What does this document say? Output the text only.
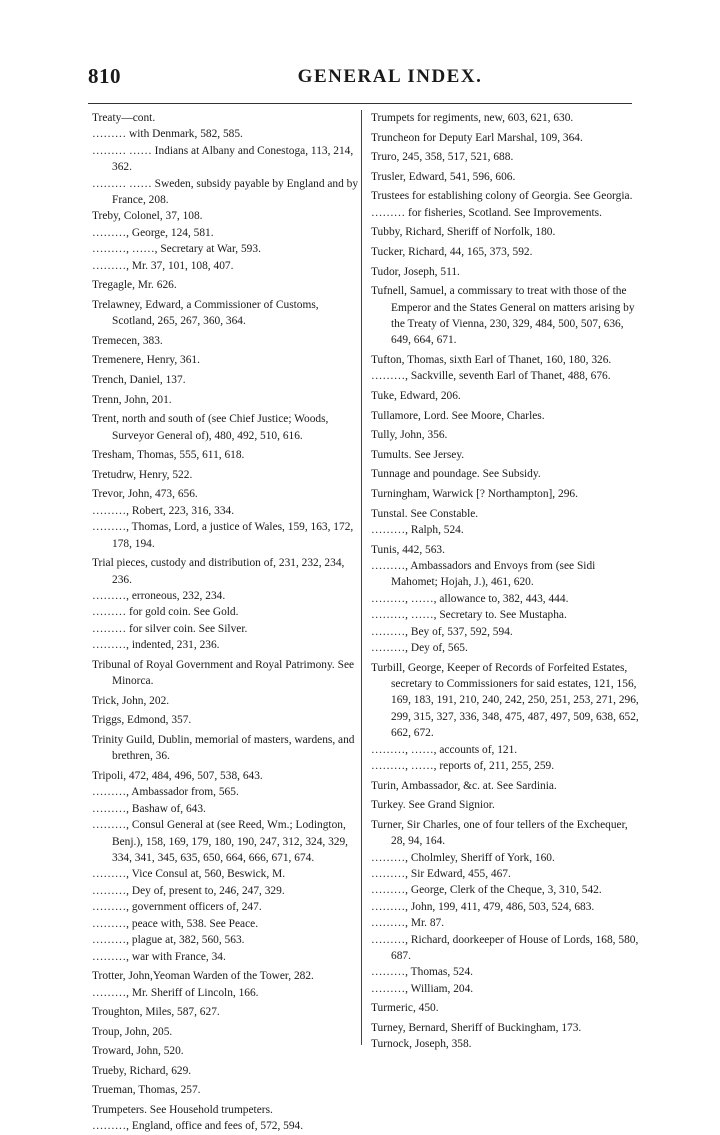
810	GENERAL INDEX.

Treaty—cont.

……… with Denmark, 582, 585.

……… …… Indians at Albany and Conestoga, 113, 214, 362.

……… …… Sweden, subsidy payable by England and by France, 208.

Treby, Colonel, 37, 108.

………, George, 124, 581.

………, ……, Secretary at War, 593.

………, Mr. 37, 101, 108, 407.

Tregagle, Mr. 626.

Trelawney, Edward, a Commissioner of Customs, Scotland, 265, 267, 360, 364.

Tremecen, 383.

Tremenere, Henry, 361.

Trench, Daniel, 137.

Trenn, John, 201.

Trent, north and south of (see Chief Justice; Woods, Surveyor General of), 480, 492, 510, 616.

Tresham, Thomas, 555, 611, 618.

Tretudrw, Henry, 522.

Trevor, John, 473, 656.

………, Robert, 223, 316, 334.

………, Thomas, Lord, a justice of Wales, 159, 163, 172, 178, 194.

Trial pieces, custody and distribution of, 231, 232, 234, 236.

………, erroneous, 232, 234.

……… for gold coin. See Gold.

……… for silver coin. See Silver.

………, indented, 231, 236.

Tribunal of Royal Government and Royal Patrimony. See Minorca.

Trick, John, 202.

Triggs, Edmond, 357.

Trinity Guild, Dublin, memorial of masters, wardens, and brethren, 36.

Tripoli, 472, 484, 496, 507, 538, 643.

………, Ambassador from, 565.

………, Bashaw of, 643.

………, Consul General at (see Reed, Wm.; Lodington, Benj.), 158, 169, 179, 180, 190, 247, 312, 324, 329, 334, 341, 345, 635, 650, 664, 666, 671, 674.

………, Vice Consul at, 560, Beswick, M.

………, Dey of, present to, 246, 247, 329.

………, government officers of, 247.

………, peace with, 538. See Peace.

………, plague at, 382, 560, 563.

………, war with France, 34.

Trotter, John,Yeoman Warden of the Tower, 282.

………, Mr. Sheriff of Lincoln, 166.

Troughton, Miles, 587, 627.

Troup, John, 205.

Troward, John, 520.

Trueby, Richard, 629.

Trueman, Thomas, 257.

Trumpeters. See Household trumpeters.

………, England, office and fees of, 572, 594.

Trumpets for regiments, new, 603, 621, 630.

Truncheon for Deputy Earl Marshal, 109, 364.

Truro, 245, 358, 517, 521, 688.

Trusler, Edward, 541, 596, 606.

Trustees for establishing colony of Georgia. See Georgia.

……… for fisheries, Scotland. See Improvements.

Tubby, Richard, Sheriff of Norfolk, 180.

Tucker, Richard, 44, 165, 373, 592.

Tudor, Joseph, 511.

Tufnell, Samuel, a commissary to treat with those of the Emperor and the States General on matters arising by the Treaty of Vienna, 230, 329, 484, 500, 507, 636, 649, 664, 671.

Tufton, Thomas, sixth Earl of Thanet, 160, 180, 326.

………, Sackville, seventh Earl of Thanet, 488, 676.

Tuke, Edward, 206.

Tullamore, Lord. See Moore, Charles.

Tully, John, 356.

Tumults. See Jersey.

Tunnage and poundage. See Subsidy.

Turningham, Warwick [? Northampton], 296.

Tunstal. See Constable.

………, Ralph, 524.

Tunis, 442, 563.

………, Ambassadors and Envoys from (see Sidi Mahomet; Hojah, J.), 461, 620.

………, ……, allowance to, 382, 443, 444.

………, ……, Secretary to. See Mustapha.

………, Bey of, 537, 592, 594.

………, Dey of, 565.

Turbill, George, Keeper of Records of Forfeited Estates, secretary to Commissioners for said estates, 121, 156, 169, 183, 191, 210, 240, 242, 250, 251, 253, 271, 296, 299, 315, 327, 336, 348, 475, 487, 497, 509, 638, 652, 662, 672.

………, ……, accounts of, 121.

………, ……, reports of, 211, 255, 259.

Turin, Ambassador, &c. at. See Sardinia.

Turkey. See Grand Signior.

Turner, Sir Charles, one of four tellers of the Exchequer, 28, 94, 164.

………, Cholmley, Sheriff of York, 160.

………, Sir Edward, 455, 467.

………, George, Clerk of the Cheque, 3, 310, 542.

………, John, 199, 411, 479, 486, 503, 524, 683.

………, Mr. 87.

………, Richard, doorkeeper of House of Lords, 168, 580, 687.

………, Thomas, 524.

………, William, 204.

Turmeric, 450.

Turney, Bernard, Sheriff of Buckingham, 173.

Turnock, Joseph, 358.
